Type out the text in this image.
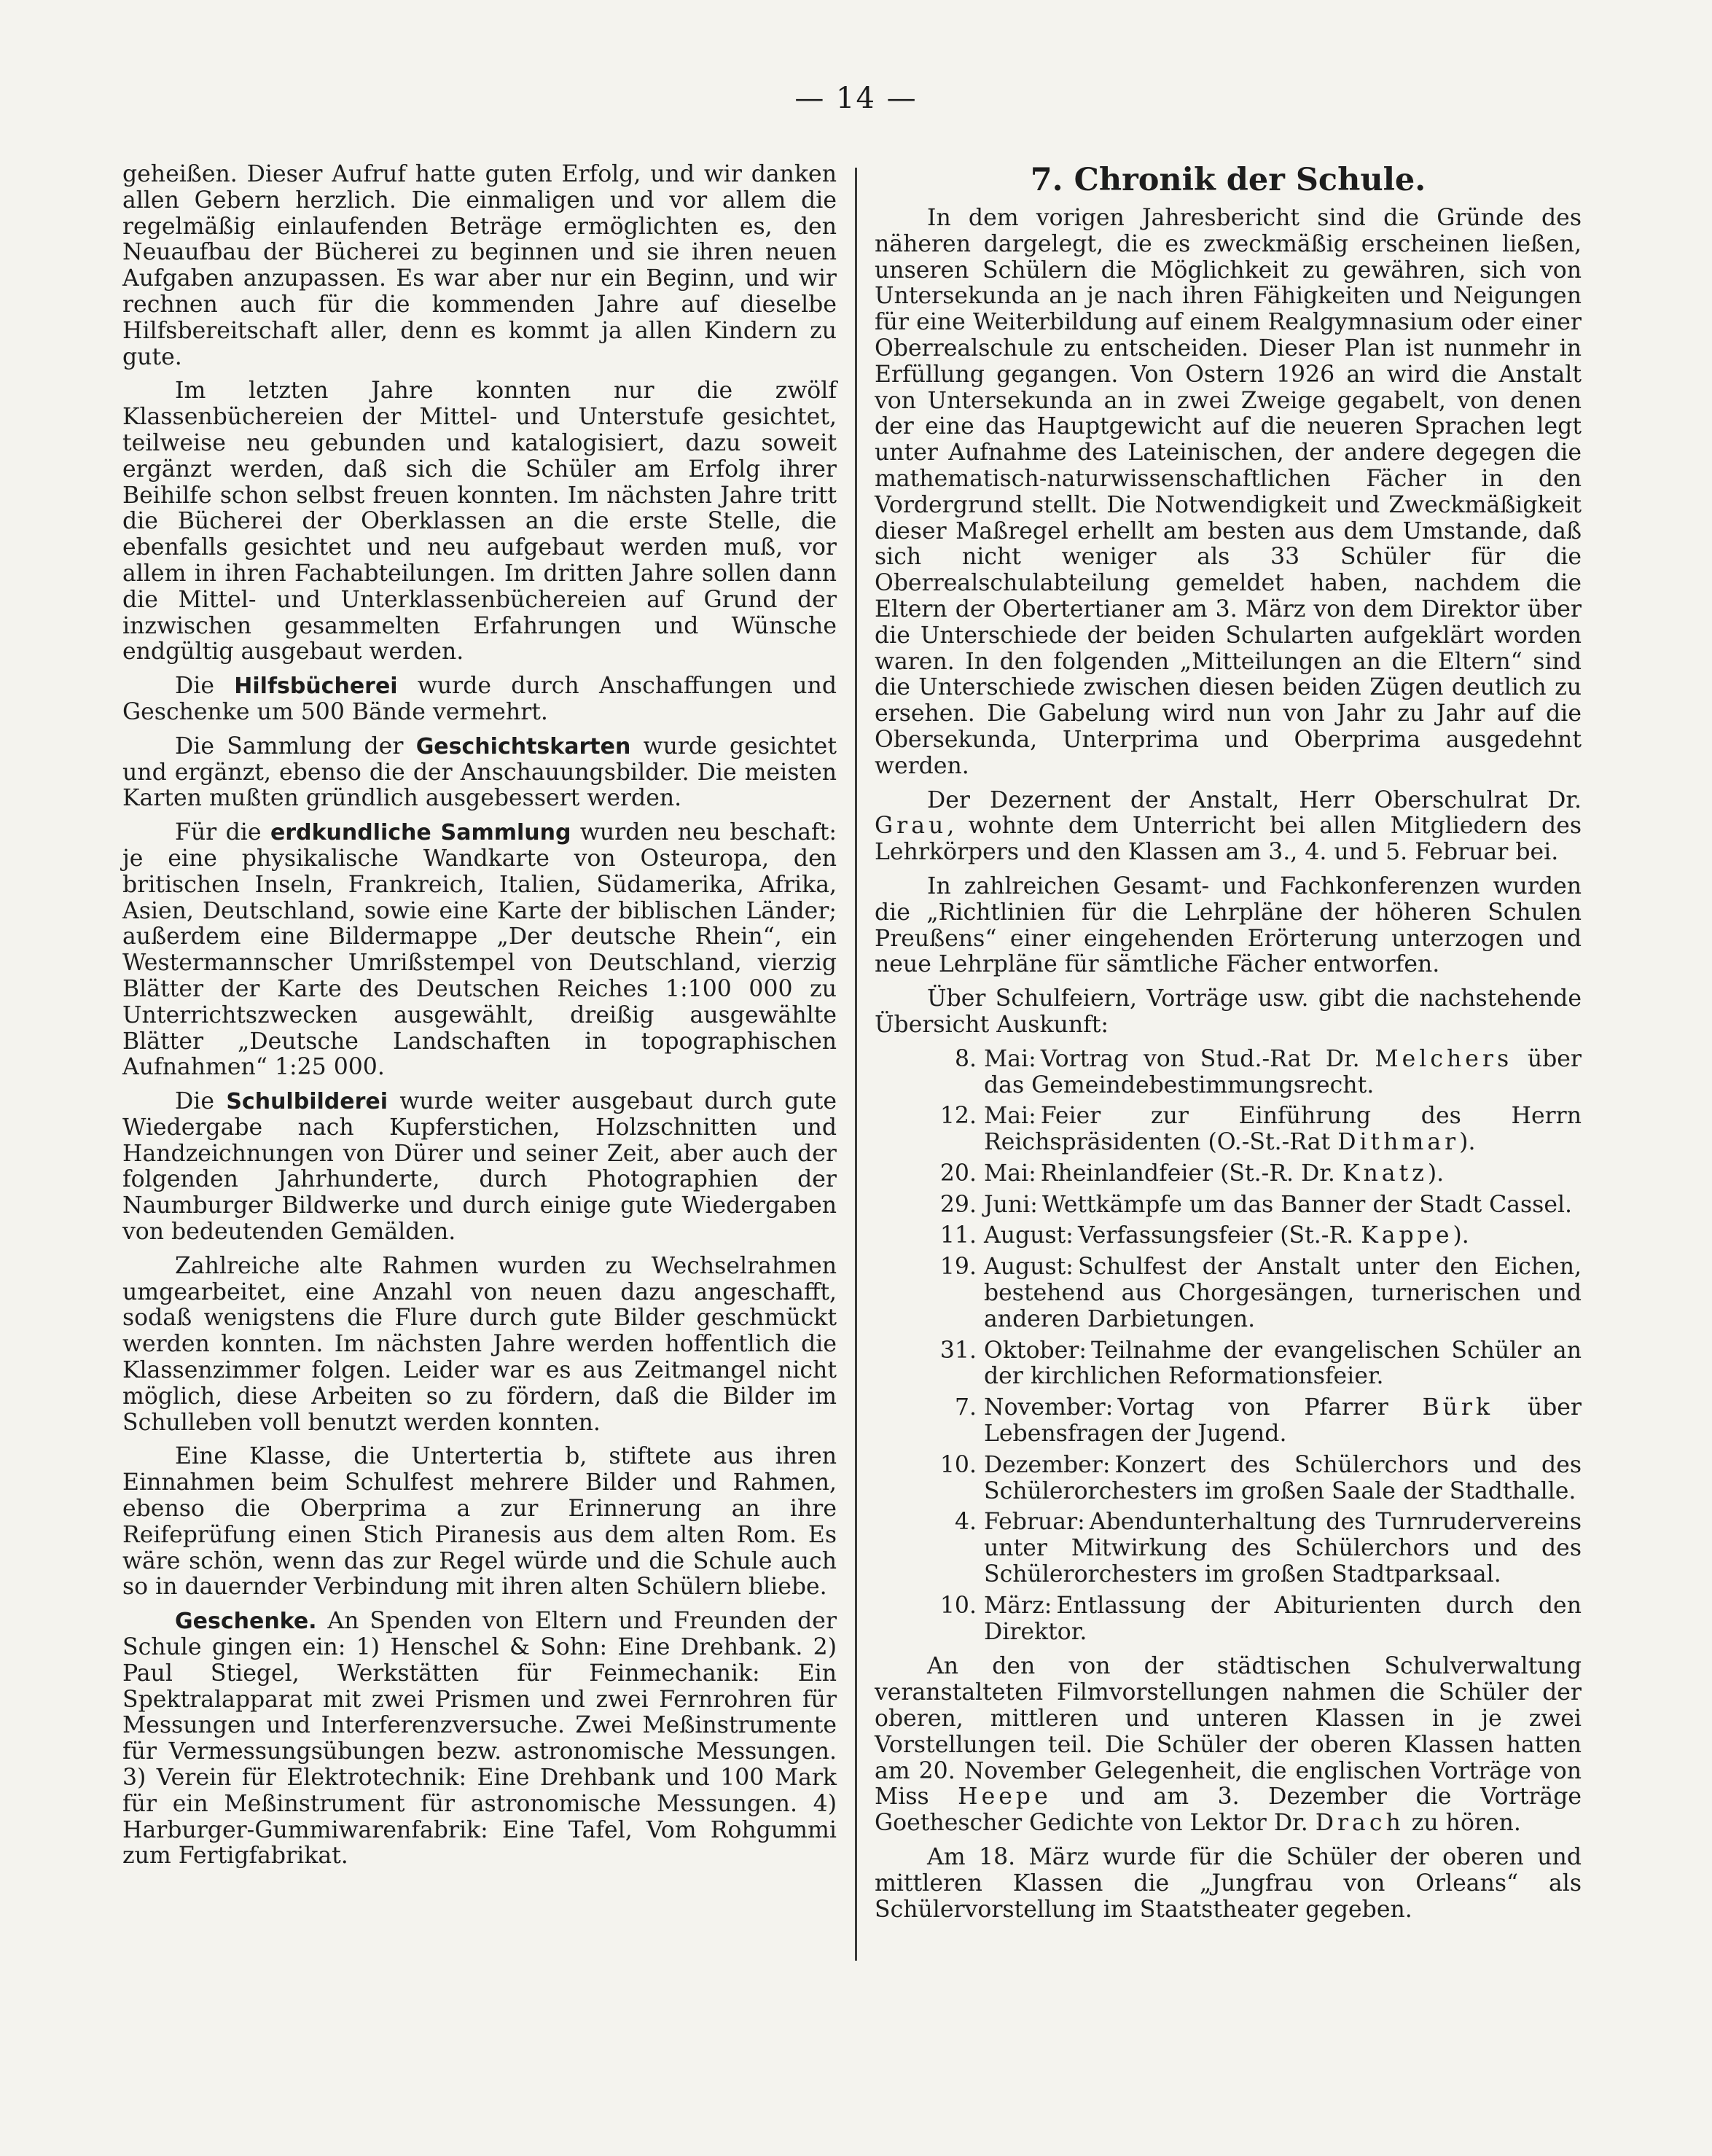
— 14 —

geheißen. Dieser Aufruf hatte guten Erfolg, und wir danken allen Gebern herzlich. Die einmaligen und vor allem die regelmäßig einlaufenden Beträge ermöglichten es, den Neuaufbau der Bücherei zu beginnen und sie ihren neuen Aufgaben anzupassen. Es war aber nur ein Beginn, und wir rechnen auch für die kommenden Jahre auf dieselbe Hilfsbereitschaft aller, denn es kommt ja allen Kindern zu gute.

Im letzten Jahre konnten nur die zwölf Klassenbüchereien der Mittel- und Unterstufe gesichtet, teilweise neu gebunden und katalogisiert, dazu soweit ergänzt werden, daß sich die Schüler am Erfolg ihrer Beihilfe schon selbst freuen konnten. Im nächsten Jahre tritt die Bücherei der Oberklassen an die erste Stelle, die ebenfalls gesichtet und neu aufgebaut werden muß, vor allem in ihren Fachabteilungen. Im dritten Jahre sollen dann die Mittel- und Unterklassenbüchereien auf Grund der inzwischen gesammelten Erfahrungen und Wünsche endgültig ausgebaut werden.

Die Hilfsbücherei wurde durch Anschaffungen und Geschenke um 500 Bände vermehrt.

Die Sammlung der Geschichtskarten wurde gesichtet und ergänzt, ebenso die der Anschauungsbilder. Die meisten Karten mußten gründlich ausgebessert werden.

Für die erdkundliche Sammlung wurden neu beschaft: je eine physikalische Wandkarte von Osteuropa, den britischen Inseln, Frankreich, Italien, Südamerika, Afrika, Asien, Deutschland, sowie eine Karte der biblischen Länder; außerdem eine Bildermappe „Der deutsche Rhein“, ein Westermannscher Umrißstempel von Deutschland, vierzig Blätter der Karte des Deutschen Reiches 1:100 000 zu Unterrichtszwecken ausgewählt, dreißig ausgewählte Blätter „Deutsche Landschaften in topographischen Aufnahmen“ 1:25 000.

Die Schulbilderei wurde weiter ausgebaut durch gute Wiedergabe nach Kupferstichen, Holzschnitten und Handzeichnungen von Dürer und seiner Zeit, aber auch der folgenden Jahrhunderte, durch Photographien der Naumburger Bildwerke und durch einige gute Wiedergaben von bedeutenden Gemälden.

Zahlreiche alte Rahmen wurden zu Wechselrahmen umgearbeitet, eine Anzahl von neuen dazu angeschafft, sodaß wenigstens die Flure durch gute Bilder geschmückt werden konnten. Im nächsten Jahre werden hoffentlich die Klassenzimmer folgen. Leider war es aus Zeitmangel nicht möglich, diese Arbeiten so zu fördern, daß die Bilder im Schulleben voll benutzt werden konnten.

Eine Klasse, die Untertertia b, stiftete aus ihren Einnahmen beim Schulfest mehrere Bilder und Rahmen, ebenso die Oberprima a zur Erinnerung an ihre Reifeprüfung einen Stich Piranesis aus dem alten Rom. Es wäre schön, wenn das zur Regel würde und die Schule auch so in dauernder Verbindung mit ihren alten Schülern bliebe.

Geschenke. An Spenden von Eltern und Freunden der Schule gingen ein: 1) Henschel & Sohn: Eine Drehbank. 2) Paul Stiegel, Werkstätten für Feinmechanik: Ein Spektralapparat mit zwei Prismen und zwei Fernrohren für Messungen und Interferenzversuche. Zwei Meßinstrumente für Vermessungsübungen bezw. astronomische Messungen. 3) Verein für Elektrotechnik: Eine Drehbank und 100 Mark für ein Meßinstrument für astronomische Messungen. 4) Harburger-Gummiwarenfabrik: Eine Tafel, Vom Rohgummi zum Fertigfabrikat.

7. Chronik der Schule.

In dem vorigen Jahresbericht sind die Gründe des näheren dargelegt, die es zweckmäßig erscheinen ließen, unseren Schülern die Möglichkeit zu gewähren, sich von Untersekunda an je nach ihren Fähigkeiten und Neigungen für eine Weiterbildung auf einem Realgymnasium oder einer Oberrealschule zu entscheiden. Dieser Plan ist nunmehr in Erfüllung gegangen. Von Ostern 1926 an wird die Anstalt von Untersekunda an in zwei Zweige gegabelt, von denen der eine das Hauptgewicht auf die neueren Sprachen legt unter Aufnahme des Lateinischen, der andere degegen die mathematisch-naturwissenschaftlichen Fächer in den Vordergrund stellt. Die Notwendigkeit und Zweckmäßigkeit dieser Maßregel erhellt am besten aus dem Umstande, daß sich nicht weniger als 33 Schüler für die Oberrealschulabteilung gemeldet haben, nachdem die Eltern der Obertertianer am 3. März von dem Direktor über die Unterschiede der beiden Schularten aufgeklärt worden waren. In den folgenden „Mitteilungen an die Eltern“ sind die Unterschiede zwischen diesen beiden Zügen deutlich zu ersehen. Die Gabelung wird nun von Jahr zu Jahr auf die Obersekunda, Unterprima und Oberprima ausgedehnt werden.

Der Dezernent der Anstalt, Herr Oberschulrat Dr. Grau, wohnte dem Unterricht bei allen Mitgliedern des Lehrkörpers und den Klassen am 3., 4. und 5. Februar bei.

In zahlreichen Gesamt- und Fachkonferenzen wurden die „Richtlinien für die Lehrpläne der höheren Schulen Preußens“ einer eingehenden Erörterung unterzogen und neue Lehrpläne für sämtliche Fächer entworfen.

Über Schulfeiern, Vorträge usw. gibt die nachstehende Übersicht Auskunft:

8. Mai: Vortrag von Stud.-Rat Dr. Melchers über das Gemeindebestimmungsrecht.
12. Mai: Feier zur Einführung des Herrn Reichspräsidenten (O.-St.-Rat Dithmar).
20. Mai: Rheinlandfeier (St.-R. Dr. Knatz).
29. Juni: Wettkämpfe um das Banner der Stadt Cassel.
11. August: Verfassungsfeier (St.-R. Kappe).
19. August: Schulfest der Anstalt unter den Eichen, bestehend aus Chorgesängen, turnerischen und anderen Darbietungen.
31. Oktober: Teilnahme der evangelischen Schüler an der kirchlichen Reformationsfeier.
7. November: Vortag von Pfarrer Bürk über Lebensfragen der Jugend.
10. Dezember: Konzert des Schülerchors und des Schülerorchesters im großen Saale der Stadthalle.
4. Februar: Abendunterhaltung des Turnrudervereins unter Mitwirkung des Schülerchors und des Schülerorchesters im großen Stadtparksaal.
10. März: Entlassung der Abiturienten durch den Direktor.

An den von der städtischen Schulverwaltung veranstalteten Filmvorstellungen nahmen die Schüler der oberen, mittleren und unteren Klassen in je zwei Vorstellungen teil. Die Schüler der oberen Klassen hatten am 20. November Gelegenheit, die englischen Vorträge von Miss Heepe und am 3. Dezember die Vorträge Goethescher Gedichte von Lektor Dr. Drach zu hören.

Am 18. März wurde für die Schüler der oberen und mittleren Klassen die „Jungfrau von Orleans“ als Schülervorstellung im Staatstheater gegeben.
